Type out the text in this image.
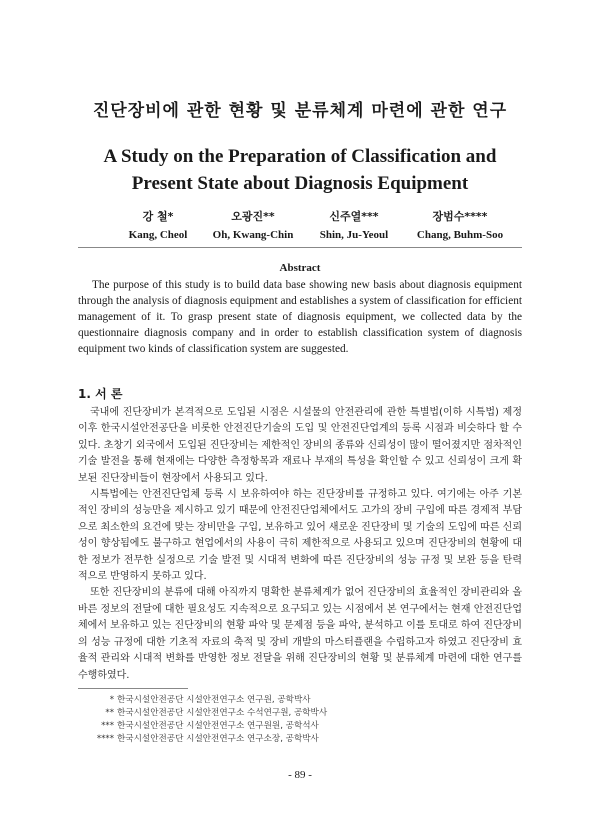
진단장비에 관한 현황 및 분류체계 마련에 관한 연구
A Study on the Preparation of Classification and
Present State about Diagnosis Equipment
강 철*
Kang, Cheol
오광진**
Oh, Kwang-Chin
신주열***
Shin, Ju-Yeoul
장범수****
Chang, Buhm-Soo
Abstract
The purpose of this study is to build data base showing new basis about diagnosis equipment through the analysis of diagnosis equipment and establishes a system of classification for efficient management of it. To grasp present state of diagnosis equipment, we collected data by the questionnaire diagnosis company and in order to establish classification system of diagnosis equipment two kinds of classification system are suggested.
1. 서 론

국내에 진단장비가 본격적으로 도입된 시점은 시설물의 안전관리에 관한 특별법(이하 시특법) 제정 이후 한국시설안전공단을 비롯한 안전진단기술의 도입 및 안전진단업계의 등록 시점과 비슷하다 할 수 있다. 초창기 외국에서 도입된 진단장비는 제한적인 장비의 종류와 신뢰성이 많이 떨어졌지만 점차적인 기술 발전을 통해 현재에는 다양한 측정항목과 재료나 부재의 특성을 확인할 수 있고 신뢰성이 크게 확보된 진단장비들이 현장에서 사용되고 있다.

시특법에는 안전진단업체 등록 시 보유하여야 하는 진단장비를 규정하고 있다. 여기에는 아주 기본적인 장비의 성능만을 제시하고 있기 때문에 안전진단업체에서도 고가의 장비 구입에 따른 경제적 부담으로 최소한의 요건에 맞는 장비만을 구입, 보유하고 있어 새로운 진단장비 및 기술의 도입에 따른 신뢰성이 향상됨에도 불구하고 현업에서의 사용이 극히 제한적으로 사용되고 있으며 진단장비의 현황에 대한 정보가 전무한 실정으로 기술 발전 및 시대적 변화에 따른 진단장비의 성능 규정 및 보완 등을 탄력적으로 반영하지 못하고 있다.

또한 진단장비의 분류에 대해 아직까지 명확한 분류체계가 없어 진단장비의 효율적인 장비관리와 올바른 정보의 전달에 대한 필요성도 지속적으로 요구되고 있는 시점에서 본 연구에서는 현재 안전진단업체에서 보유하고 있는 진단장비의 현황 파악 및 문제점 등을 파악, 분석하고 이를 토대로 하여 진단장비의 성능 규정에 대한 기초적 자료의 축적 및 장비 개발의 마스터플랜을 수립하고자 하였고 진단장비 효율적 관리와 시대적 변화를 반영한 정보 전달을 위해 진단장비의 현황 및 분류체계 마련에 대한 연구를 수행하였다.

* 한국시설안전공단 시설안전연구소 연구원, 공학박사
** 한국시설안전공단 시설안전연구소 수석연구원, 공학박사
*** 한국시설안전공단 시설안전연구소 연구원원, 공학석사
**** 한국시설안전공단 시설안전연구소 연구소장, 공학박사
- 89 -
